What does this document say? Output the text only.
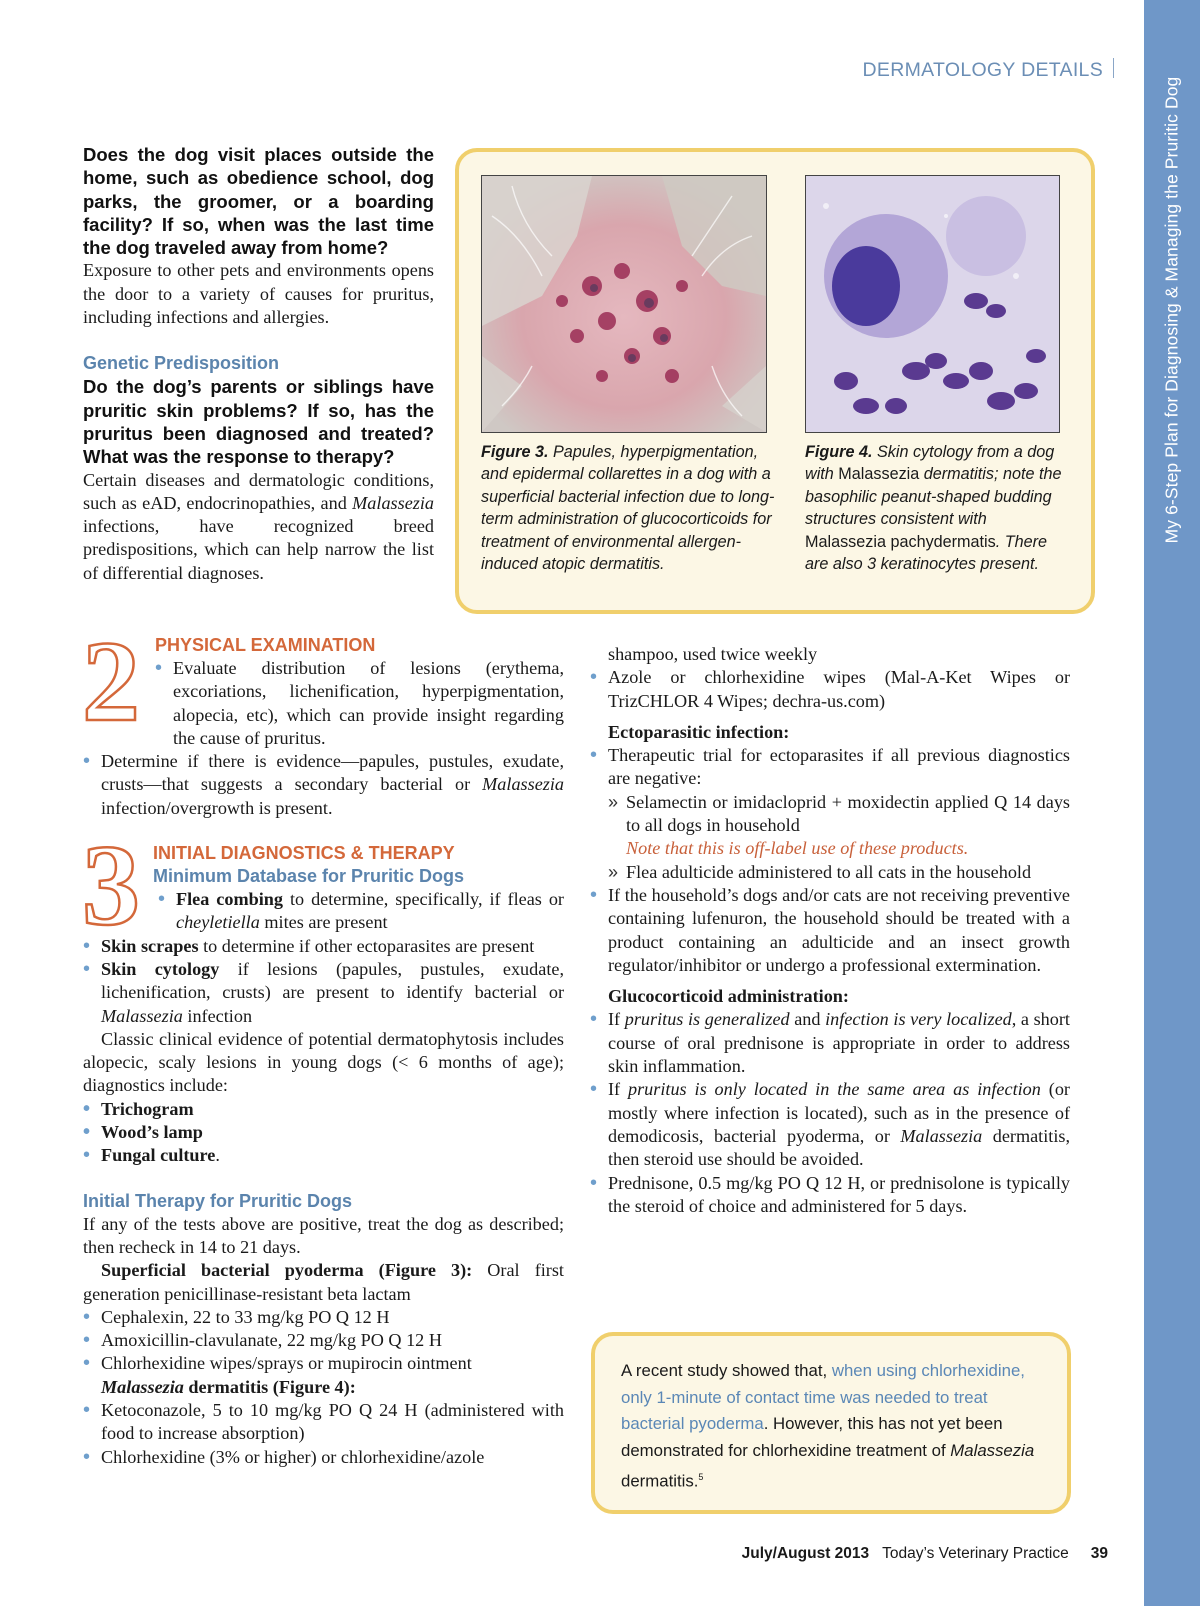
My 6-Step Plan for Diagnosing & Managing the Pruritic Dog
DERMATOLOGY DETAILS

Does the dog visit places outside the home, such as obedience school, dog parks, the groomer, or a boarding facility? If so, when was the last time the dog traveled away from home?

Exposure to other pets and environments opens the door to a variety of causes for pruritus, including infections and allergies.

Genetic Predisposition

Do the dog’s parents or siblings have pruritic skin problems? If so, has the pruritus been diagnosed and treated? What was the response to therapy?

Certain diseases and dermatologic conditions, such as eAD, endocrinopathies, and Malassezia infections, have recognized breed predispositions, which can help narrow the list of differential diagnoses.

Figure 3. Papules, hyperpigmentation, and epidermal collarettes in a dog with a superficial bacterial infection due to long-term administration of glucocorticoids for treatment of environmental allergen-induced atopic dermatitis.

Figure 4. Skin cytology from a dog with Malassezia dermatitis; note the basophilic peanut-shaped budding structures consistent with Malassezia pachydermatis. There are also 3 keratinocytes present.

2 PHYSICAL EXAMINATION

• Evaluate distribution of lesions (erythema, excoriations, lichenification, hyperpigmentation, alopecia, etc), which can provide insight regarding the cause of pruritus.
• Determine if there is evidence—papules, pustules, exudate, crusts—that suggests a secondary bacterial or Malassezia infection/overgrowth is present.
3 INITIAL DIAGNOSTICS & THERAPY

Minimum Database for Pruritic Dogs

• Flea combing to determine, specifically, if fleas or cheyletiella mites are present
• Skin scrapes to determine if other ectoparasites are present
• Skin cytology if lesions (papules, pustules, exudate, lichenification, crusts) are present to identify bacterial or Malassezia infection

Classic clinical evidence of potential dermatophytosis includes alopecic, scaly lesions in young dogs (< 6 months of age); diagnostics include:

• Trichogram
• Wood’s lamp
• Fungal culture.

Initial Therapy for Pruritic Dogs

If any of the tests above are positive, treat the dog as described; then recheck in 14 to 21 days.

Superficial bacterial pyoderma (Figure 3): Oral first generation penicillinase-resistant beta lactam

• Cephalexin, 22 to 33 mg/kg PO Q 12 H
• Amoxicillin-clavulanate, 22 mg/kg PO Q 12 H
• Chlorhexidine wipes/sprays or mupirocin ointment

Malassezia dermatitis (Figure 4):

• Ketoconazole, 5 to 10 mg/kg PO Q 24 H (administered with food to increase absorption)
• Chlorhexidine (3% or higher) or chlorhexidine/azole

shampoo, used twice weekly

• Azole or chlorhexidine wipes (Mal-A-Ket Wipes or TrizCHLOR 4 Wipes; dechra-us.com)

Ectoparasitic infection:

• Therapeutic trial for ectoparasites if all previous diagnostics are negative:
» Selamectin or imidacloprid + moxidectin applied Q 14 days to all dogs in household

Note that this is off-label use of these products.

» Flea adulticide administered to all cats in the household
• If the household’s dogs and/or cats are not receiving preventive containing lufenuron, the household should be treated with a product containing an adulticide and an insect growth regulator/inhibitor or undergo a professional extermination.

Glucocorticoid administration:

• If pruritus is generalized and infection is very localized, a short course of oral prednisone is appropriate in order to address skin inflammation.
• If pruritus is only located in the same area as infection (or mostly where infection is located), such as in the presence of demodicosis, bacterial pyoderma, or Malassezia dermatitis, then steroid use should be avoided.
• Prednisone, 0.5 mg/kg PO Q 12 H, or prednisolone is typically the steroid of choice and administered for 5 days.
A recent study showed that, when using chlorhexidine, only 1-minute of contact time was needed to treat bacterial pyoderma. However, this has not yet been demonstrated for chlorhexidine treatment of Malassezia dermatitis.$^5$
July/August 2013 Today’s Veterinary Practice 39
